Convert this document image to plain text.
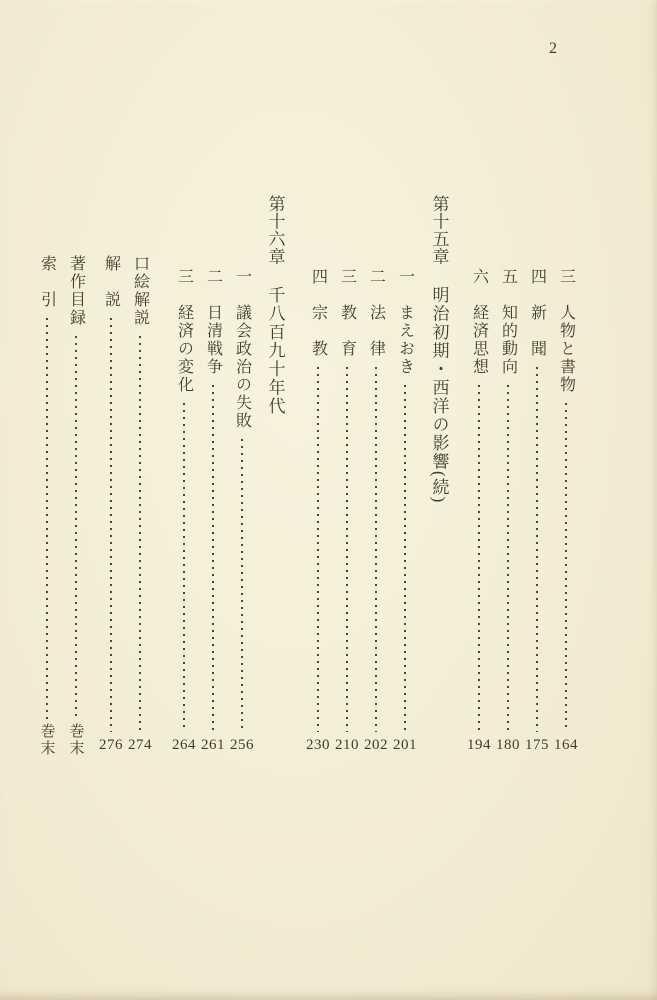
2
三
人物と書物
164
四
新　聞
175
五
知的動向
180
六
経済思想
194
第十五章
明治初期・西洋の影響(続)
一
まえおき
201
二
法　律
202
三
教　育
210
四
宗　教
230
第十六章
千八百九十年代
一
議会政治の失敗
256
二
日清戦争
261
三
経済の変化
264
口絵解説
274
解　説
276
著作目録
巻末
索　引
巻末
